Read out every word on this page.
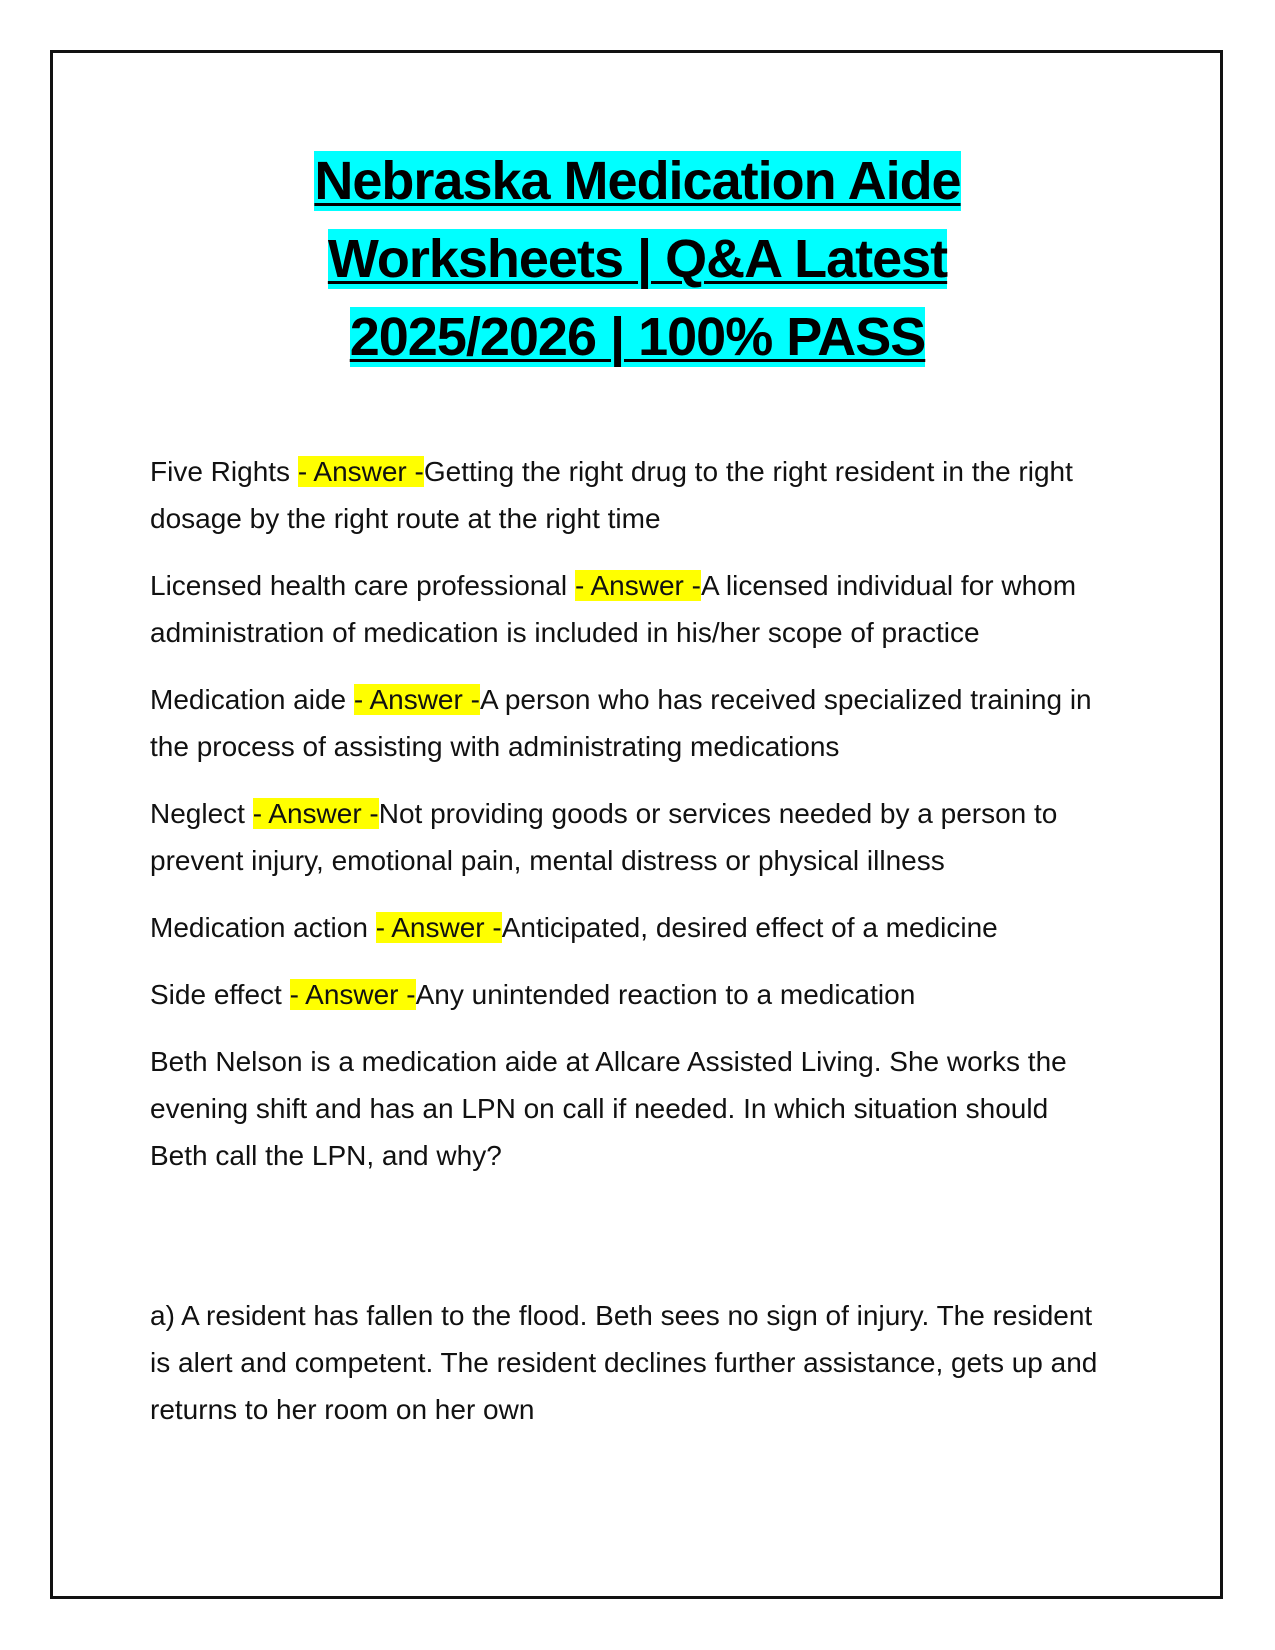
Nebraska Medication Aide
Worksheets | Q&A Latest
2025/2026 | 100% PASS

Five Rights - Answer -Getting the right drug to the right resident in the right dosage by the right route at the right time

Licensed health care professional - Answer -A licensed individual for whom administration of medication is included in his/her scope of practice

Medication aide - Answer -A person who has received specialized training in the process of assisting with administrating medications

Neglect - Answer -Not providing goods or services needed by a person to prevent injury, emotional pain, mental distress or physical illness

Medication action - Answer -Anticipated, desired effect of a medicine

Side effect - Answer -Any unintended reaction to a medication

Beth Nelson is a medication aide at Allcare Assisted Living. She works the evening shift and has an LPN on call if needed. In which situation should Beth call the LPN, and why?

a) A resident has fallen to the flood. Beth sees no sign of injury. The resident is alert and competent. The resident declines further assistance, gets up and returns to her room on her own
